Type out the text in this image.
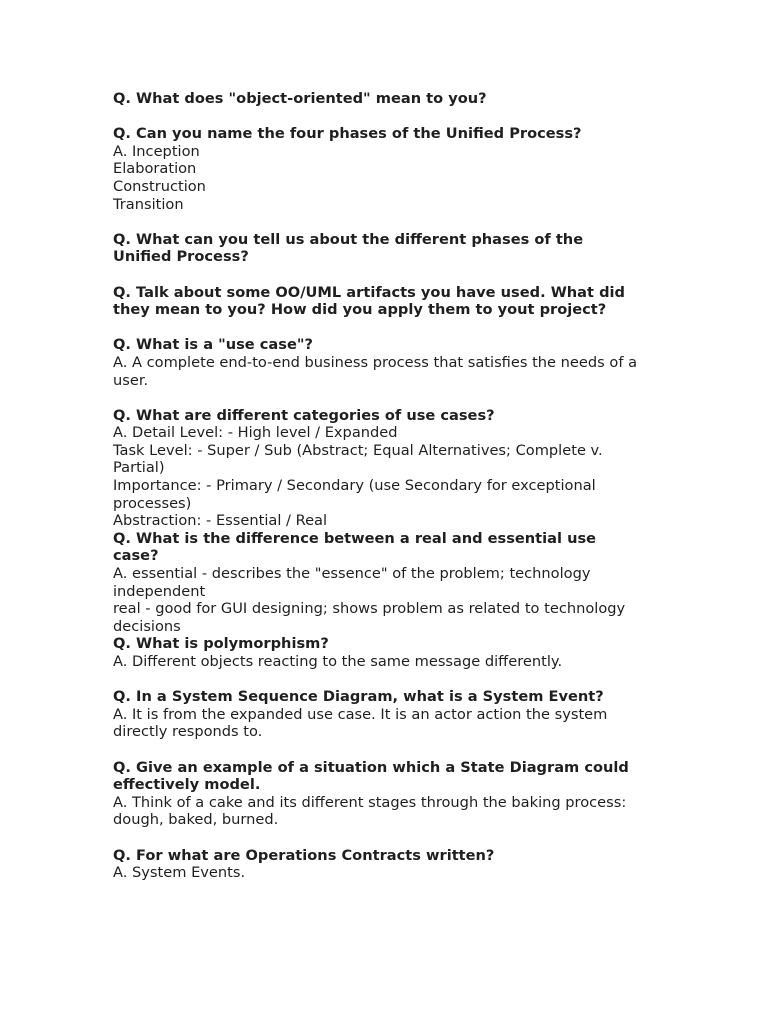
Q. What does "object-oriented" mean to you?
Q. Can you name the four phases of the Unified Process?
A. Inception
Elaboration
Construction
Transition
Q. What can you tell us about the different phases of the
Unified Process?
Q. Talk about some OO/UML artifacts you have used. What did
they mean to you? How did you apply them to yout project?
Q. What is a "use case"?
A. A complete end-to-end business process that satisfies the needs of a
user.
Q. What are different categories of use cases?
A. Detail Level: - High level / Expanded
Task Level: - Super / Sub (Abstract; Equal Alternatives; Complete v.
Partial)
Importance: - Primary / Secondary (use Secondary for exceptional
processes)
Abstraction: - Essential / Real
Q. What is the difference between a real and essential use
case?
A. essential - describes the "essence" of the problem; technology
independent
real - good for GUI designing; shows problem as related to technology
decisions
Q. What is polymorphism?
A. Different objects reacting to the same message differently.
Q. In a System Sequence Diagram, what is a System Event?
A. It is from the expanded use case. It is an actor action the system
directly responds to.
Q. Give an example of a situation which a State Diagram could
effectively model.
A. Think of a cake and its different stages through the baking process:
dough, baked, burned.
Q. For what are Operations Contracts written?
A. System Events.
